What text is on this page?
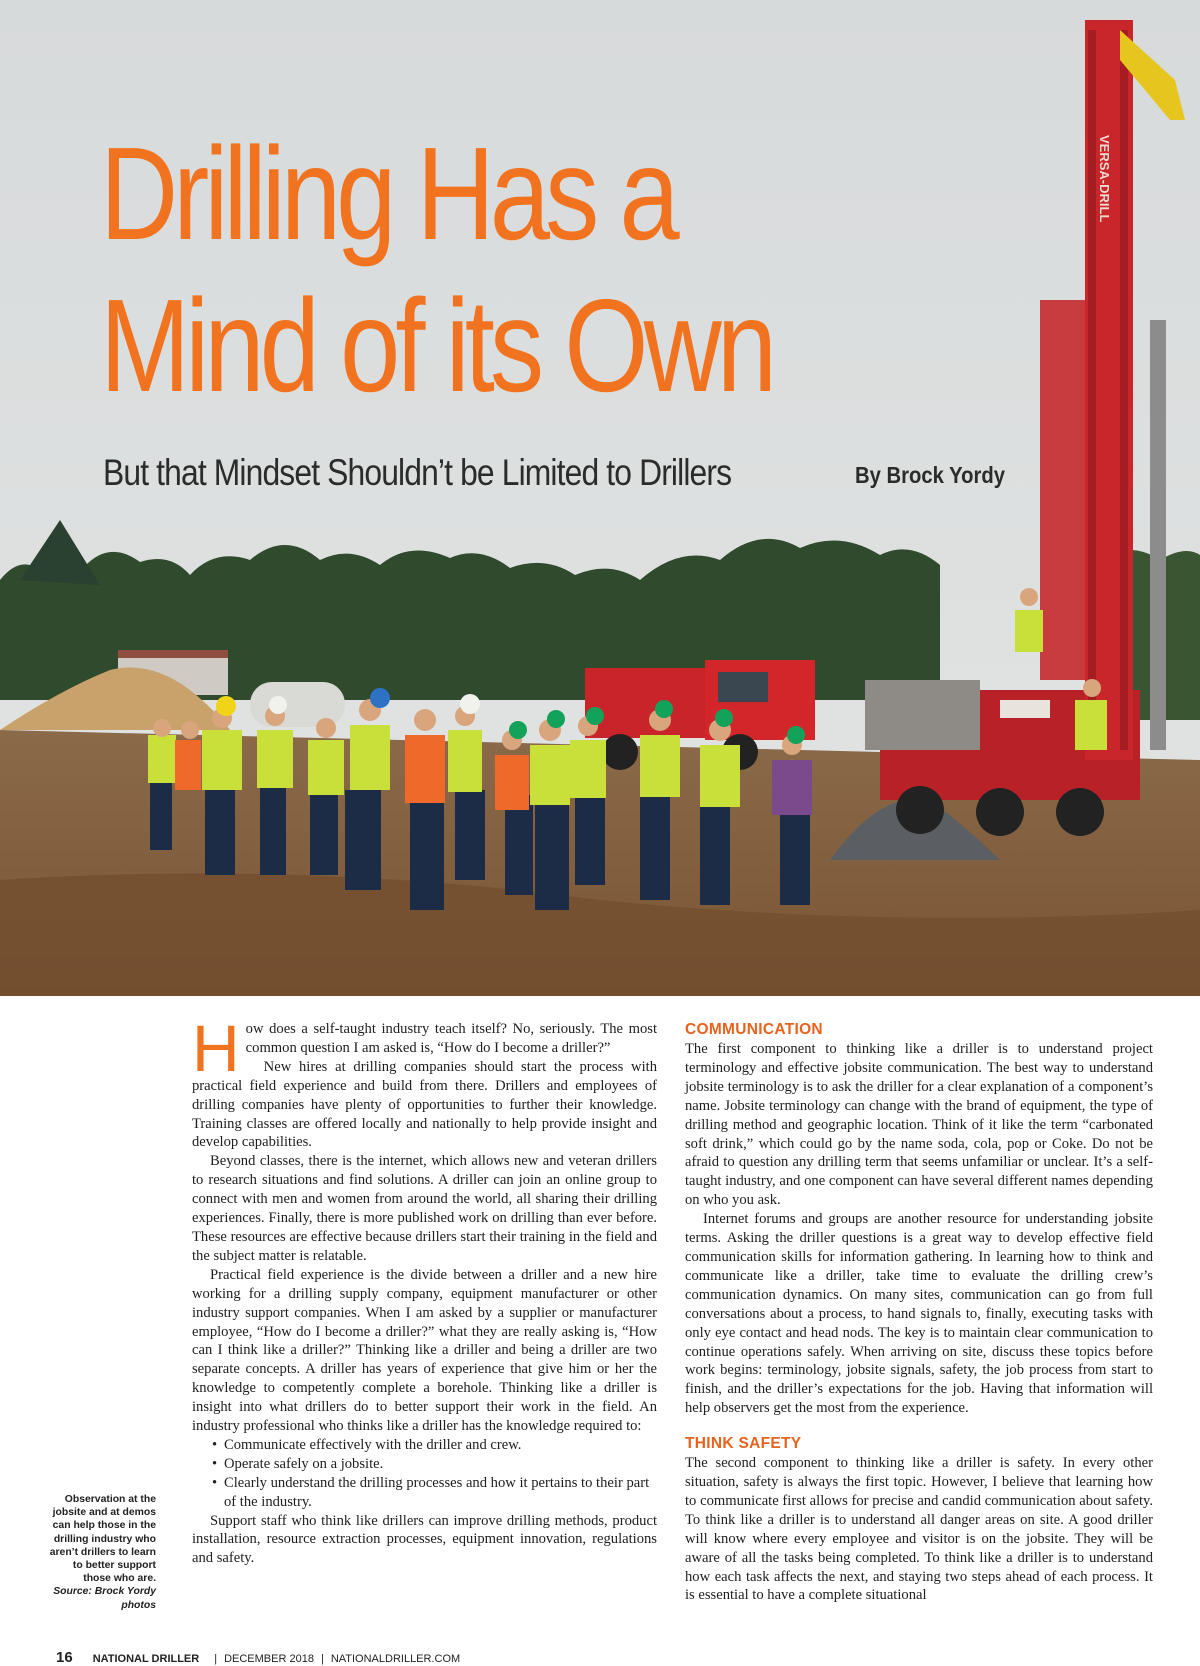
VERSA-DRILL
Drilling Has a
Mind of its Own
But that Mindset Shouldn’t be Limited to Drillers	By Brock Yordy

How does a self-taught industry teach itself? No, seriously. The most common question I am asked is, “How do I become a driller?”

New hires at drilling companies should start the process with practical field experience and build from there. Drillers and employees of drilling companies have plenty of opportunities to further their knowledge. Training classes are offered locally and nationally to help provide insight and develop capabilities.

Beyond classes, there is the internet, which allows new and veteran drillers to research situations and find solutions. A driller can join an online group to connect with men and women from around the world, all sharing their drilling experiences. Finally, there is more published work on drilling than ever before. These resources are effective because drillers start their training in the field and the subject matter is relatable.

Practical field experience is the divide between a driller and a new hire working for a drilling supply company, equipment manufacturer or other industry support companies. When I am asked by a supplier or manufacturer employee, “How do I become a driller?” what they are really asking is, “How can I think like a driller?” Thinking like a driller and being a driller are two separate concepts. A driller has years of experience that give him or her the knowledge to competently complete a borehole. Thinking like a driller is insight into what drillers do to better support their work in the field. An industry professional who thinks like a driller has the knowledge required to:

• Communicate effectively with the driller and crew.
• Operate safely on a jobsite.
• Clearly understand the drilling processes and how it pertains to their part of the industry.

Support staff who think like drillers can improve drilling methods, product installation, resource extraction processes, equipment innovation, regulations and safety.

COMMUNICATION

The first component to thinking like a driller is to understand project terminology and effective jobsite communication. The best way to understand jobsite terminology is to ask the driller for a clear explanation of a component’s name. Jobsite terminology can change with the brand of equipment, the type of drilling method and geographic location. Think of it like the term “carbonated soft drink,” which could go by the name soda, cola, pop or Coke. Do not be afraid to question any drilling term that seems unfamiliar or unclear. It’s a self-taught industry, and one component can have several different names depending on who you ask.

Internet forums and groups are another resource for understanding jobsite terms. Asking the driller questions is a great way to develop effective field communication skills for information gathering. In learning how to think and communicate like a driller, take time to evaluate the drilling crew’s communication dynamics. On many sites, communication can go from full conversations about a process, to hand signals to, finally, executing tasks with only eye contact and head nods. The key is to maintain clear communication to continue operations safely. When arriving on site, discuss these topics before work begins: terminology, jobsite signals, safety, the job process from start to finish, and the driller’s expectations for the job. Having that information will help observers get the most from the experience.

THINK SAFETY

The second component to thinking like a driller is safety. In every other situation, safety is always the first topic. However, I believe that learning how to communicate first allows for precise and candid communication about safety. To think like a driller is to understand all danger areas on site. A good driller will know where every employee and visitor is on the jobsite. They will be aware of all the tasks being completed. To think like a driller is to understand how each task affects the next, and staying two steps ahead of each process. It is essential to have a complete situational

Observation at the jobsite and at demos can help those in the drilling industry who aren’t drillers to learn to better support those who are. Source: Brock Yordy photos
16 NATIONAL DRILLER | DECEMBER 2018 | NATIONALDRILLER.COM
